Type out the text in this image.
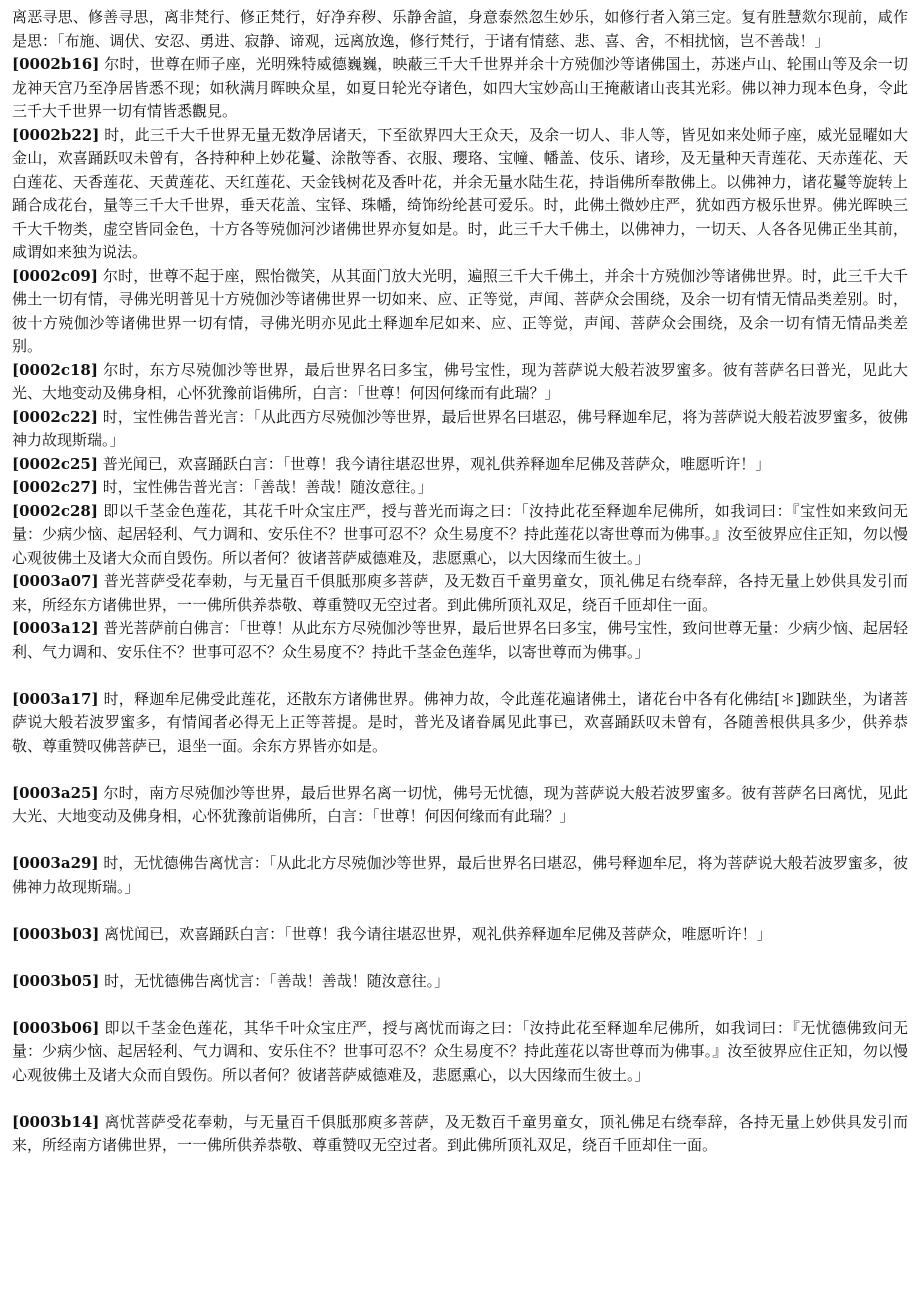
离恶寻思、修善寻思，离非梵行、修正梵行，好净弃秽、乐静舍諠，身意泰然忽生妙乐，如修行者入第三定。复有胜慧欻尔现前，咸作是思：「布施、调伏、安忍、勇进、寂静、谛观，远离放逸，修行梵行，于诸有情慈、悲、喜、舍，不相扰恼，岂不善哉！」

[0002b16] 尔时，世尊在师子座，光明殊特威德巍巍，映蔽三千大千世界并余十方殑伽沙等诸佛国土，苏迷卢山、轮围山等及余一切龙神天宫乃至净居皆悉不现；如秋满月晖映众星，如夏日轮光夺诸色，如四大宝妙高山王掩蔽诸山丧其光彩。佛以神力现本色身，令此三千大千世界一切有情皆悉觀見。

[0002b22] 时，此三千大千世界无量无数净居诸天，下至欲界四大王众天，及余一切人、非人等，皆见如来处师子座，威光显曜如大金山，欢喜踊跃叹未曾有，各持种种上妙花鬘、涂散等香、衣服、瓔珞、宝幢、幡盖、伎乐、诸珍，及无量种天青莲花、天赤莲花、天白莲花、天香莲花、天黄莲花、天红莲花、天金钱树花及香叶花，并余无量水陆生花，持诣佛所奉散佛上。以佛神力，诸花鬘等旋转上踊合成花台，量等三千大千世界，垂天花盖、宝铎、珠幡，绮饰纷纶甚可爱乐。时，此佛土微妙庄严，犹如西方极乐世界。佛光晖映三千大千物类，虚空皆同金色，十方各等殑伽河沙诸佛世界亦复如是。时，此三千大千佛土，以佛神力，一切天、人各各见佛正坐其前，咸谓如来独为说法。

[0002c09] 尔时，世尊不起于座，熙怡微笑，从其面门放大光明，遍照三千大千佛土，并余十方殑伽沙等诸佛世界。时，此三千大千佛土一切有情，寻佛光明普见十方殑伽沙等诸佛世界一切如来、应、正等觉，声闻、菩萨众会围绕，及余一切有情无情品类差别。时，彼十方殑伽沙等诸佛世界一切有情，寻佛光明亦见此土释迦牟尼如来、应、正等觉，声闻、菩萨众会围绕，及余一切有情无情品类差别。

[0002c18] 尔时，东方尽殑伽沙等世界，最后世界名曰多宝，佛号宝性，现为菩萨说大般若波罗蜜多。彼有菩萨名曰普光，见此大光、大地变动及佛身相，心怀犹豫前诣佛所，白言：「世尊！何因何缘而有此瑞？」

[0002c22] 时，宝性佛告普光言：「从此西方尽殑伽沙等世界，最后世界名曰堪忍，佛号释迦牟尼，将为菩萨说大般若波罗蜜多，彼佛神力故现斯瑞。」

[0002c25] 普光闻已，欢喜踊跃白言：「世尊！我今请往堪忍世界，观礼供养释迦牟尼佛及菩萨众，唯愿听许！」

[0002c27] 时，宝性佛告普光言：「善哉！善哉！随汝意往。」

[0002c28] 即以千茎金色莲花，其花千叶众宝庄严，授与普光而诲之曰：「汝持此花至释迦牟尼佛所，如我词曰：『宝性如来致问无量：少病少恼、起居轻利、气力调和、安乐住不？世事可忍不？众生易度不？持此莲花以寄世尊而为佛事。』汝至彼界应住正知，勿以慢心观彼佛土及诸大众而自毁伤。所以者何？彼诸菩萨威德难及，悲愿熏心，以大因缘而生彼土。」

[0003a07] 普光菩萨受花奉勅，与无量百千俱胝那庾多菩萨，及无数百千童男童女，顶礼佛足右绕奉辞，各持无量上妙供具发引而来，所经东方诸佛世界，一一佛所供养恭敬、尊重赞叹无空过者。到此佛所顶礼双足，绕百千匝却住一面。

[0003a12] 普光菩萨前白佛言：「世尊！从此东方尽殑伽沙等世界，最后世界名曰多宝，佛号宝性，致问世尊无量：少病少恼、起居轻利、气力调和、安乐住不？世事可忍不？众生易度不？持此千茎金色莲华，以寄世尊而为佛事。」

[0003a17] 时，释迦牟尼佛受此莲花，还散东方诸佛世界。佛神力故，令此莲花遍诸佛土，诸花台中各有化佛结[＊]跏趺坐，为诸菩萨说大般若波罗蜜多，有情闻者必得无上正等菩提。是时，普光及诸眷属见此事已，欢喜踊跃叹未曾有，各随善根供具多少，供养恭敬、尊重赞叹佛菩萨已，退坐一面。余东方界皆亦如是。

[0003a25] 尔时，南方尽殑伽沙等世界，最后世界名离一切忧，佛号无忧德，现为菩萨说大般若波罗蜜多。彼有菩萨名曰离忧，见此大光、大地变动及佛身相，心怀犹豫前诣佛所，白言：「世尊！何因何缘而有此瑞？」

[0003a29] 时，无忧德佛告离忧言：「从此北方尽殑伽沙等世界，最后世界名曰堪忍，佛号释迦牟尼，将为菩萨说大般若波罗蜜多，彼佛神力故现斯瑞。」

[0003b03] 离忧闻已，欢喜踊跃白言：「世尊！我今请往堪忍世界，观礼供养释迦牟尼佛及菩萨众，唯愿听许！」

[0003b05] 时，无忧德佛告离忧言：「善哉！善哉！随汝意往。」

[0003b06] 即以千茎金色莲花，其华千叶众宝庄严，授与离忧而诲之曰：「汝持此花至释迦牟尼佛所，如我词曰：『无忧德佛致问无量：少病少恼、起居轻利、气力调和、安乐住不？世事可忍不？众生易度不？持此莲花以寄世尊而为佛事。』汝至彼界应住正知，勿以慢心观彼佛土及诸大众而自毁伤。所以者何？彼诸菩萨威德难及，悲愿熏心，以大因缘而生彼土。」

[0003b14] 离忧菩萨受花奉勅，与无量百千俱胝那庾多菩萨，及无数百千童男童女，顶礼佛足右绕奉辞，各持无量上妙供具发引而来，所经南方诸佛世界，一一佛所供养恭敬、尊重赞叹无空过者。到此佛所顶礼双足，绕百千匝却住一面。
